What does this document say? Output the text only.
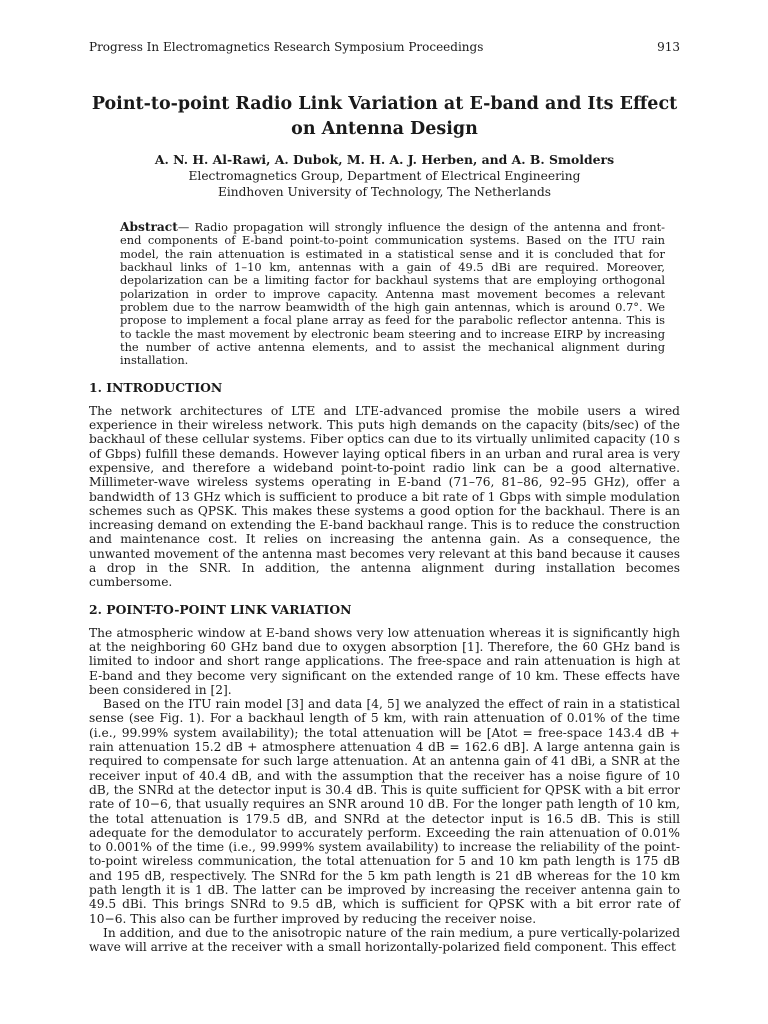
Progress In Electromagnetics Research Symposium Proceedings	913
Point-to-point Radio Link Variation at E-band and Its Effect on Antenna Design
A. N. H. Al-Rawi, A. Dubok, M. H. A. J. Herben, and A. B. Smolders
Electromagnetics Group, Department of Electrical Engineering
Eindhoven University of Technology, The Netherlands
Abstract— Radio propagation will strongly influence the design of the antenna and front-end components of E-band point-to-point communication systems. Based on the ITU rain model, the rain attenuation is estimated in a statistical sense and it is concluded that for backhaul links of 1–10 km, antennas with a gain of 49.5 dBi are required. Moreover, depolarization can be a limiting factor for backhaul systems that are employing orthogonal polarization in order to improve capacity. Antenna mast movement becomes a relevant problem due to the narrow beamwidth of the high gain antennas, which is around 0.7°. We propose to implement a focal plane array as feed for the parabolic reflector antenna. This is to tackle the mast movement by electronic beam steering and to increase EIRP by increasing the number of active antenna elements, and to assist the mechanical alignment during installation.
1. INTRODUCTION
The network architectures of LTE and LTE-advanced promise the mobile users a wired experience in their wireless network. This puts high demands on the capacity (bits/sec) of the backhaul of these cellular systems. Fiber optics can due to its virtually unlimited capacity (10 s of Gbps) fulfill these demands. However laying optical fibers in an urban and rural area is very expensive, and therefore a wideband point-to-point radio link can be a good alternative. Millimeter-wave wireless systems operating in E-band (71–76, 81–86, 92–95 GHz), offer a bandwidth of 13 GHz which is sufficient to produce a bit rate of 1 Gbps with simple modulation schemes such as QPSK. This makes these systems a good option for the backhaul. There is an increasing demand on extending the E-band backhaul range. This is to reduce the construction and maintenance cost. It relies on increasing the antenna gain. As a consequence, the unwanted movement of the antenna mast becomes very relevant at this band because it causes a drop in the SNR. In addition, the antenna alignment during installation becomes cumbersome.
2. POINT-TO-POINT LINK VARIATION
The atmospheric window at E-band shows very low attenuation whereas it is significantly high at the neighboring 60 GHz band due to oxygen absorption [1]. Therefore, the 60 GHz band is limited to indoor and short range applications. The free-space and rain attenuation is high at E-band and they become very significant on the extended range of 10 km. These effects have been considered in [2].
Based on the ITU rain model [3] and data [4, 5] we analyzed the effect of rain in a statistical sense (see Fig. 1). For a backhaul length of 5 km, with rain attenuation of 0.01% of the time (i.e., 99.99% system availability); the total attenuation will be [Atot = free-space 143.4 dB + rain attenuation 15.2 dB + atmosphere attenuation 4 dB = 162.6 dB]. A large antenna gain is required to compensate for such large attenuation. At an antenna gain of 41 dBi, a SNR at the receiver input of 40.4 dB, and with the assumption that the receiver has a noise figure of 10 dB, the SNRd at the detector input is 30.4 dB. This is quite sufficient for QPSK with a bit error rate of 10−6, that usually requires an SNR around 10 dB. For the longer path length of 10 km, the total attenuation is 179.5 dB, and SNRd at the detector input is 16.5 dB. This is still adequate for the demodulator to accurately perform. Exceeding the rain attenuation of 0.01% to 0.001% of the time (i.e., 99.999% system availability) to increase the reliability of the point-to-point wireless communication, the total attenuation for 5 and 10 km path length is 175 dB and 195 dB, respectively. The SNRd for the 5 km path length is 21 dB whereas for the 10 km path length it is 1 dB. The latter can be improved by increasing the receiver antenna gain to 49.5 dBi. This brings SNRd to 9.5 dB, which is sufficient for QPSK with a bit error rate of 10−6. This also can be further improved by reducing the receiver noise.
In addition, and due to the anisotropic nature of the rain medium, a pure vertically-polarized wave will arrive at the receiver with a small horizontally-polarized field component. This effect
